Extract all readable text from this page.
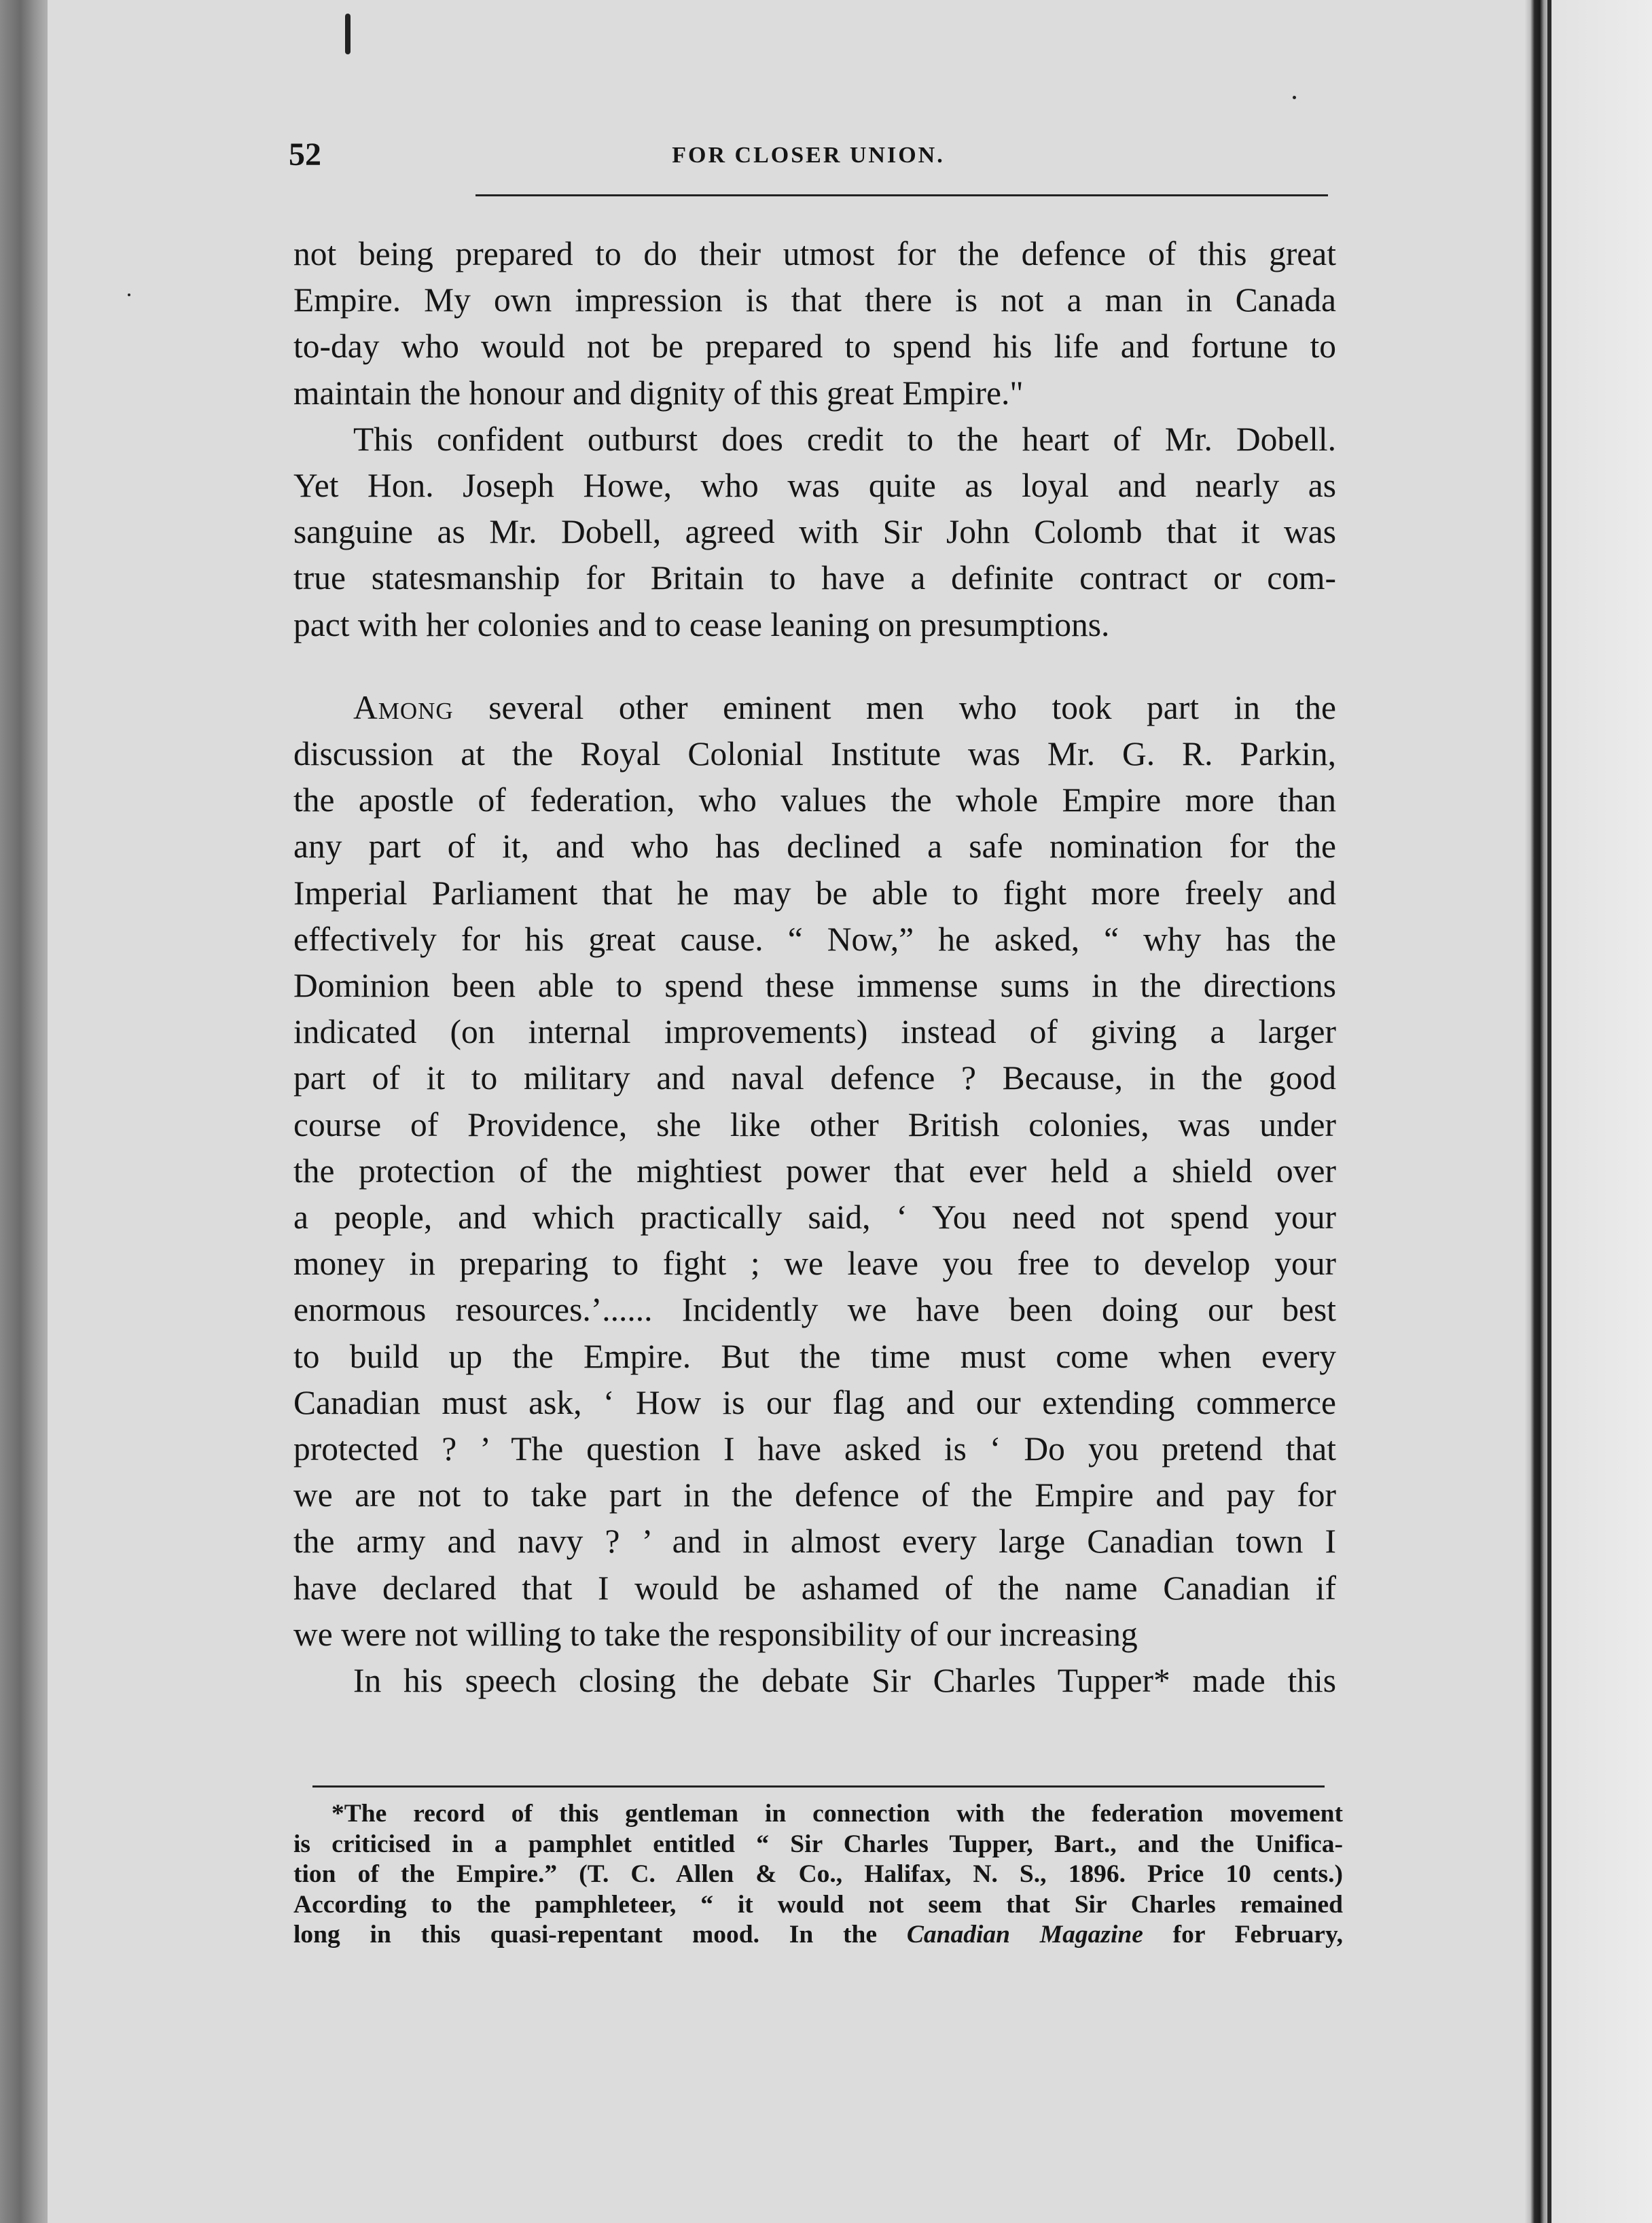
52	FOR CLOSER UNION.

not being prepared to do their utmost for the defence of this great
Empire. My own impression is that there is not a man in Canada
to-day who would not be prepared to spend his life and fortune to
maintain the honour and dignity of this great Empire."

This confident outburst does credit to the heart of Mr. Dobell.
Yet Hon. Joseph Howe, who was quite as loyal and nearly as
sanguine as Mr. Dobell, agreed with Sir John Colomb that it was
true statesmanship for Britain to have a definite contract or com-
pact with her colonies and to cease leaning on presumptions.

Among several other eminent men who took part in the
discussion at the Royal Colonial Institute was Mr. G. R. Parkin,
the apostle of federation, who values the whole Empire more than
any part of it, and who has declined a safe nomination for the
Imperial Parliament that he may be able to fight more freely and
effectively for his great cause. “ Now,” he asked, “ why has the
Dominion been able to spend these immense sums in the directions
indicated (on internal improvements) instead of giving a larger
part of it to military and naval defence ? Because, in the good
course of Providence, she like other British colonies, was under
the protection of the mightiest power that ever held a shield over
a people, and which practically said, ‘ You need not spend your
money in preparing to fight ; we leave you free to develop your
enormous resources.’...... Incidently we have been doing our best
to build up the Empire. But the time must come when every
Canadian must ask, ‘ How is our flag and our extending commerce
protected ? ’ The question I have asked is ‘ Do you pretend that
we are not to take part in the defence of the Empire and pay for
the army and navy ? ’ and in almost every large Canadian town I
have declared that I would be ashamed of the name Canadian if
we were not willing to take the responsibility of our increasing

In his speech closing the debate Sir Charles Tupper* made this

*The record of this gentleman in connection with the federation movement
is criticised in a pamphlet entitled “ Sir Charles Tupper, Bart., and the Unifica-
tion of the Empire.” (T. C. Allen & Co., Halifax, N. S., 1896. Price 10 cents.)
According to the pamphleteer, “ it would not seem that Sir Charles remained
long in this quasi-repentant mood. In the Canadian Magazine for February,
